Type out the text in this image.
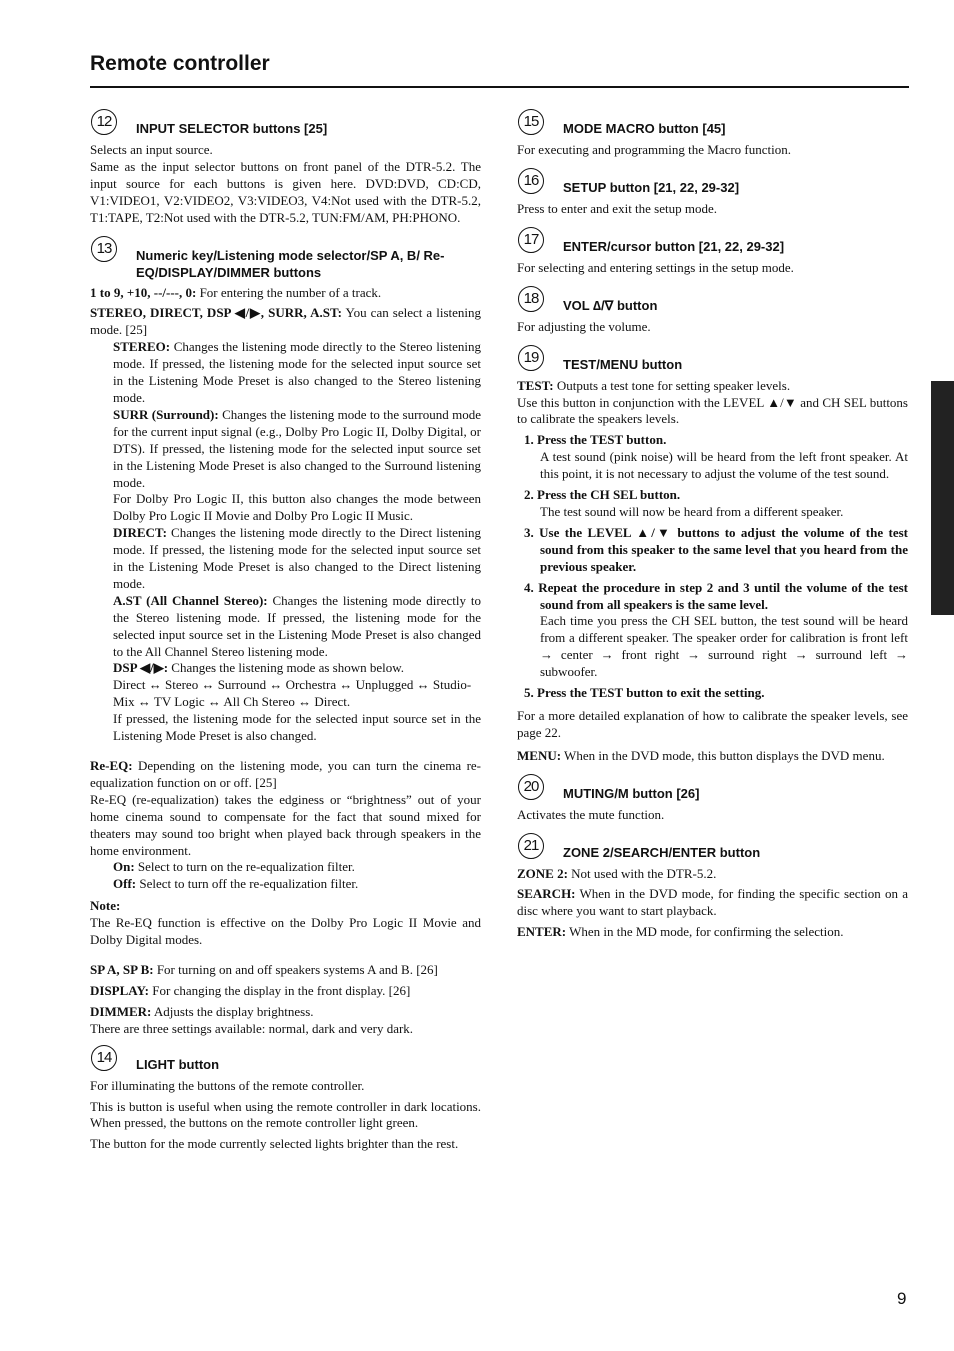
Remote controller
12	INPUT SELECTOR buttons [25]

Selects an input source.

Same as the input selector buttons on front panel of the DTR-5.2. The input source for each buttons is given here. DVD:DVD, CD:CD, V1:VIDEO1, V2:VIDEO2, V3:VIDEO3, V4:Not used with the DTR-5.2, T1:TAPE, T2:Not used with the DTR-5.2, TUN:FM/AM, PH:PHONO.

13	Numeric key/Listening mode selector/SP A, B/ Re-EQ/DISPLAY/DIMMER buttons

1 to 9, +10, --/---, 0: For entering the number of a track.

STEREO, DIRECT, DSP ◀/▶, SURR, A.ST: You can select a listening mode. [25]

STEREO: Changes the listening mode directly to the Stereo listening mode. If pressed, the listening mode for the selected input source set in the Listening Mode Preset is also changed to the Stereo listening mode.

SURR (Surround): Changes the listening mode to the surround mode for the current input signal (e.g., Dolby Pro Logic II, Dolby Digital, or DTS). If pressed, the listening mode for the selected input source set in the Listening Mode Preset is also changed to the Surround listening mode.

For Dolby Pro Logic II, this button also changes the mode between Dolby Pro Logic II Movie and Dolby Pro Logic II Music.

DIRECT: Changes the listening mode directly to the Direct listening mode. If pressed, the listening mode for the selected input source set in the Listening Mode Preset is also changed to the Direct listening mode.

A.ST (All Channel Stereo): Changes the listening mode directly to the Stereo listening mode. If pressed, the listening mode for the selected input source set in the Listening Mode Preset is also changed to the All Channel Stereo listening mode.

DSP ◀/▶: Changes the listening mode as shown below.

Direct ↔ Stereo ↔ Surround ↔ Orchestra ↔ Unplugged ↔ Studio-Mix ↔ TV Logic ↔ All Ch Stereo ↔ Direct.

If pressed, the listening mode for the selected input source set in the Listening Mode Preset is also changed.

Re-EQ: Depending on the listening mode, you can turn the cinema re-equalization function on or off. [25]

Re-EQ (re-equalization) takes the edginess or “brightness” out of your home cinema sound to compensate for the fact that sound mixed for theaters may sound too bright when played back through speakers in the home environment.

On: Select to turn on the re-equalization filter.

Off: Select to turn off the re-equalization filter.

Note:

The Re-EQ function is effective on the Dolby Pro Logic II Movie and Dolby Digital modes.

SP A, SP B: For turning on and off speakers systems A and B. [26]

DISPLAY: For changing the display in the front display. [26]

DIMMER: Adjusts the display brightness.

There are three settings available: normal, dark and very dark.

14	LIGHT button

For illuminating the buttons of the remote controller.

This is button is useful when using the remote controller in dark locations. When pressed, the buttons on the remote controller light green.

The button for the mode currently selected lights brighter than the rest.

15	MODE MACRO button [45]

For executing and programming the Macro function.

16	SETUP button [21, 22, 29-32]

Press to enter and exit the setup mode.

17	ENTER/cursor button [21, 22, 29-32]

For selecting and entering settings in the setup mode.

18	VOL ∆/∇ button

For adjusting the volume.

19	TEST/MENU button

TEST: Outputs a test tone for setting speaker levels.

Use this button in conjunction with the LEVEL ▲/▼ and CH SEL buttons to calibrate the speakers levels.

1. Press the TEST button.

A test sound (pink noise) will be heard from the left front speaker. At this point, it is not necessary to adjust the volume of the test sound.

2. Press the CH SEL button.

The test sound will now be heard from a different speaker.

3. Use the LEVEL ▲/▼ buttons to adjust the volume of the test sound from this speaker to the same level that you heard from the previous speaker.

4. Repeat the procedure in step 2 and 3 until the volume of the test sound from all speakers is the same level.

Each time you press the CH SEL button, the test sound will be heard from a different speaker. The speaker order for calibration is front left → center → front right → surround right → surround left → subwoofer.

5. Press the TEST button to exit the setting.

For a more detailed explanation of how to calibrate the speaker levels, see page 22.

MENU: When in the DVD mode, this button displays the DVD menu.

20	MUTING/M button [26]

Activates the mute function.

21	ZONE 2/SEARCH/ENTER button

ZONE 2: Not used with the DTR-5.2.

SEARCH: When in the DVD mode, for finding the specific section on a disc where you want to start playback.

ENTER: When in the MD mode, for confirming the selection.

9
